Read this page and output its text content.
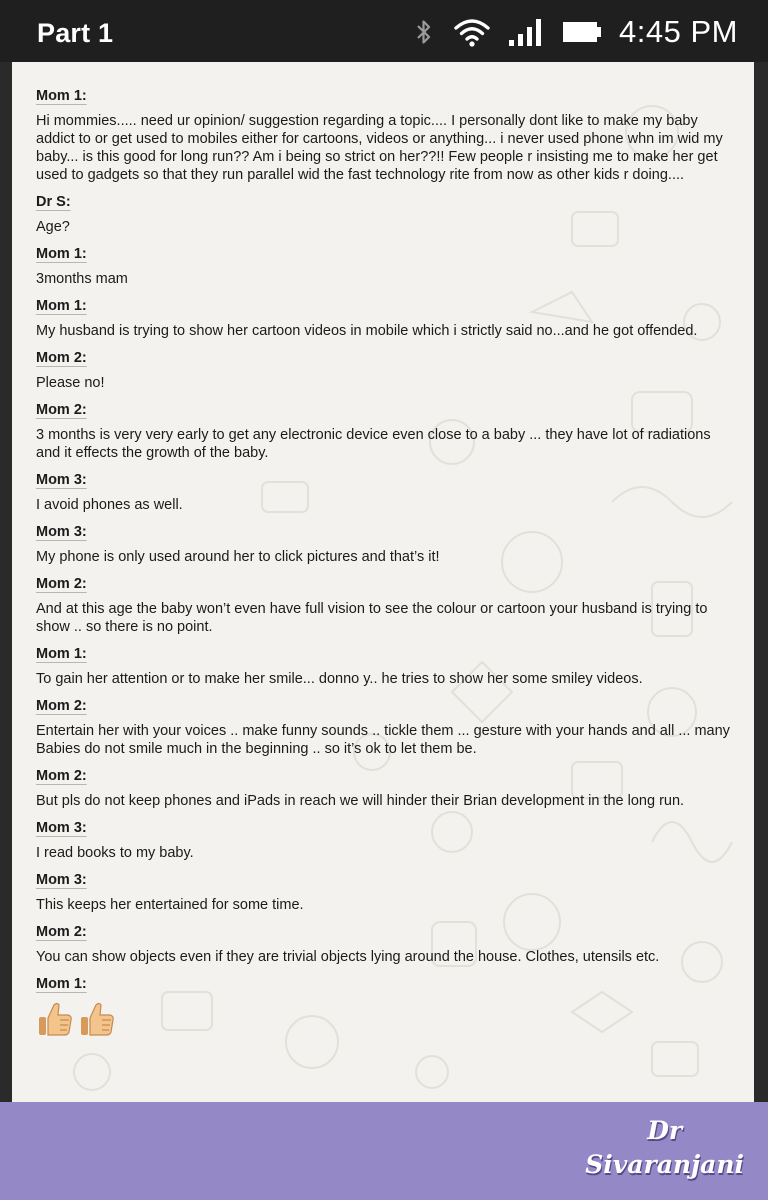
Part 1	4:45 PM
Mom 1:
Hi mommies..... need ur opinion/ suggestion regarding a topic.... I personally dont like to make my baby addict to or get used to mobiles either for cartoons, videos or anything... i never used phone whn im wid my baby... is this good for long run?? Am i being so strict on her??!! Few people r insisting me to make her get used to gadgets so that they run parallel wid the fast technology rite from now as other kids r doing....
Dr S:
Age?
Mom 1:
3months mam
Mom 1:
My husband is trying to show her cartoon videos in mobile which i strictly said no...and he got offended.
Mom 2:
Please no!
Mom 2:
3 months is very very early to get any electronic device even close to a baby ... they have lot of radiations and it effects the growth of the baby.
Mom 3:
I avoid phones as well.
Mom 3:
My phone is only used around her to click pictures and that’s it!
Mom 2:
And at this age the baby won’t even have full vision to see the colour or cartoon your husband is trying to show .. so there is no point.
Mom 1:
To gain her attention or to make her smile... donno y.. he tries to show her some smiley videos.
Mom 2:
Entertain her with your voices .. make funny sounds .. tickle them ... gesture with your hands and all ... many Babies do not smile much in the beginning .. so it’s ok to let them be.
Mom 2:
But pls do not keep phones and iPads in reach we will hinder their Brian development in the long run.
Mom 3:
I read books to my baby.
Mom 3:
This keeps her entertained for some time.
Mom 2:
You can show objects even if they are trivial objects lying around the house. Clothes, utensils etc.
Mom 1:
Dr
Sivaranjani
